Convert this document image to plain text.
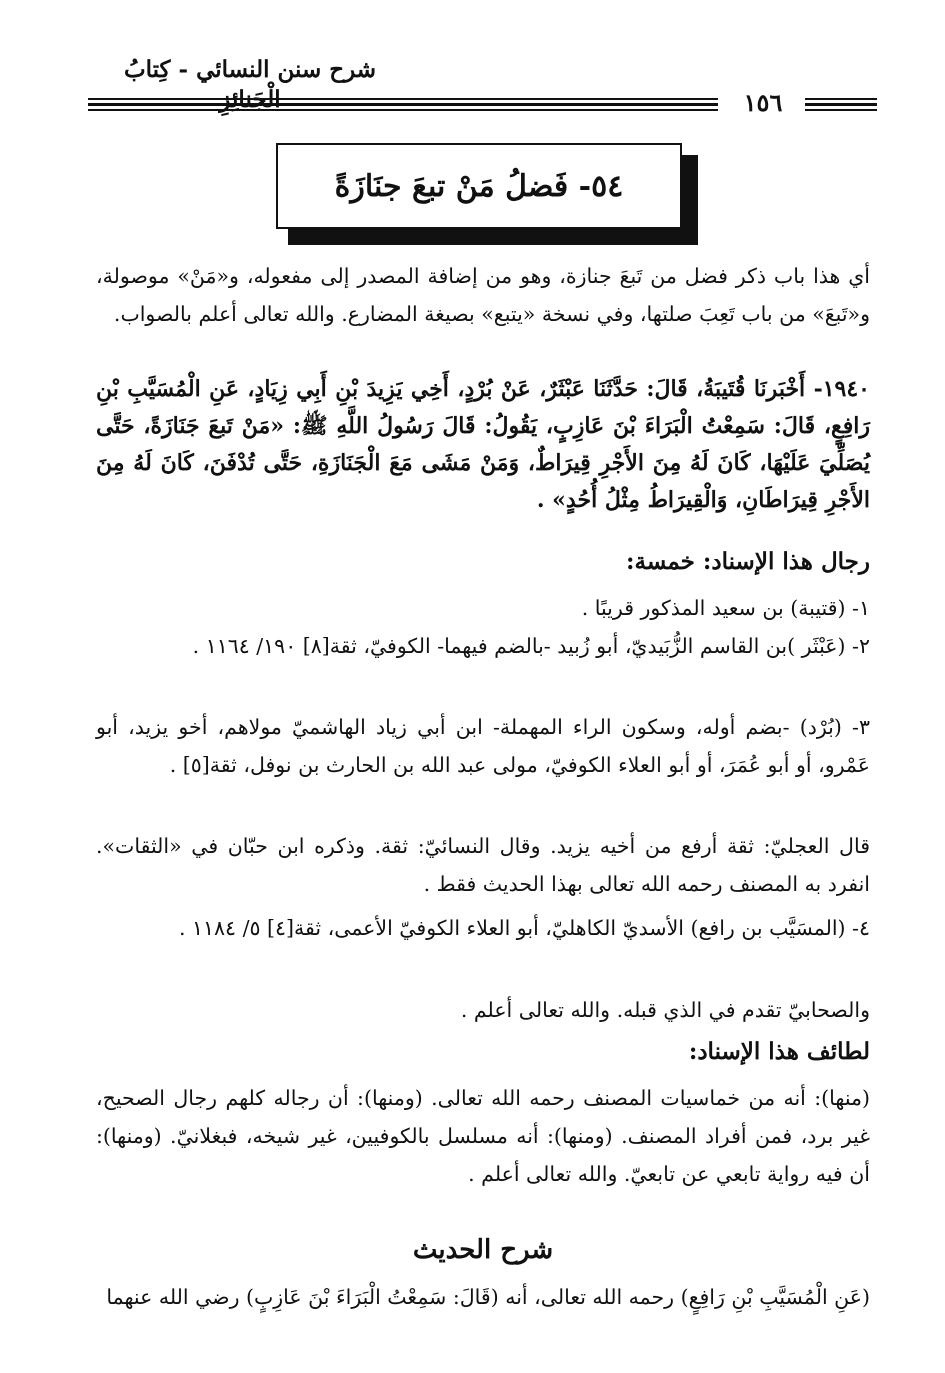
شرح سنن النسائي - كِتابُ
١٥٦
٥٤- فَضلُ مَنْ تبعَ جنَازَةً
أي هذا باب ذكر فضل من تَبعَ جنازة، وهو من إضافة المصدر إلى مفعوله، و«مَنْ» موصولة، و«تَبعَ» من باب تَعِبَ صلتها، وفي نسخة «يتبع» بصيغة المضارع. والله تعالى أعلم بالصواب.
١٩٤٠- أَخْبَرنَا قُتَيبَةُ، قَالَ: حَدَّثَنَا عَبْثَرٌ، عَنْ بُرْدٍ، أَخِي يَزِيدَ بْنِ أَبِي زِيَادٍ، عَنِ الْمُسَيَّبِ بْنِ رَافِعٍ، قَالَ: سَمِعْتُ الْبَرَاءَ بْنَ عَازِبٍ، يَقُولُ: قَالَ رَسُولُ اللَّهِ ﷺ: «مَنْ تَبعَ جَنَازَةً، حَتَّى يُصَلِّيَ عَلَيْهَا، كَانَ لَهُ مِنَ الأَجْرِ قِيرَاطٌ، وَمَنْ مَشَى مَعَ الْجَنَازَةِ، حَتَّى تُدْفَنَ، كَانَ لَهُ مِنَ الأَجْرِ قِيرَاطَانِ، وَالْقِيرَاطُ مِثْلُ أُحُدٍ» .
رجال هذا الإسناد: خمسة:
١- (قتيبة) بن سعيد المذكور قريبًا .
٢- (عَبْثَر )بن القاسم الزُّبَيديّ، أبو زُبيد -بالضم فيهما- الكوفيّ، ثقة[٨] ١٩٠/ ١١٦٤ .
٣- (بُرْد) -بضم أوله، وسكون الراء المهملة- ابن أبي زياد الهاشميّ مولاهم، أخو يزيد، أبو عَمْرو، أو أبو عُمَرَ، أو أبو العلاء الكوفيّ، مولى عبد الله بن الحارث بن نوفل، ثقة[٥] .
قال العجليّ: ثقة أرفع من أخيه يزيد. وقال النسائيّ: ثقة. وذكره ابن حبّان في «الثقات». انفرد به المصنف رحمه الله تعالى بهذا الحديث فقط .
٤- (المسَيَّب بن رافع) الأسديّ الكاهليّ، أبو العلاء الكوفيّ الأعمى، ثقة[٤] ٥/ ١١٨٤ .
والصحابيّ تقدم في الذي قبله. والله تعالى أعلم .
لطائف هذا الإسناد:
(منها): أنه من خماسيات المصنف رحمه الله تعالى. (ومنها): أن رجاله كلهم رجال الصحيح، غير برد، فمن أفراد المصنف. (ومنها): أنه مسلسل بالكوفيين، غير شيخه، فبغلانيّ. (ومنها): أن فيه رواية تابعي عن تابعيّ. والله تعالى أعلم .
شرح الحديث
(عَنِ الْمُسَيَّبِ بْنِ رَافِعٍ) رحمه الله تعالى، أنه (قَالَ: سَمِعْتُ الْبَرَاءَ بْنَ عَازِبٍ) رضي الله عنهما
